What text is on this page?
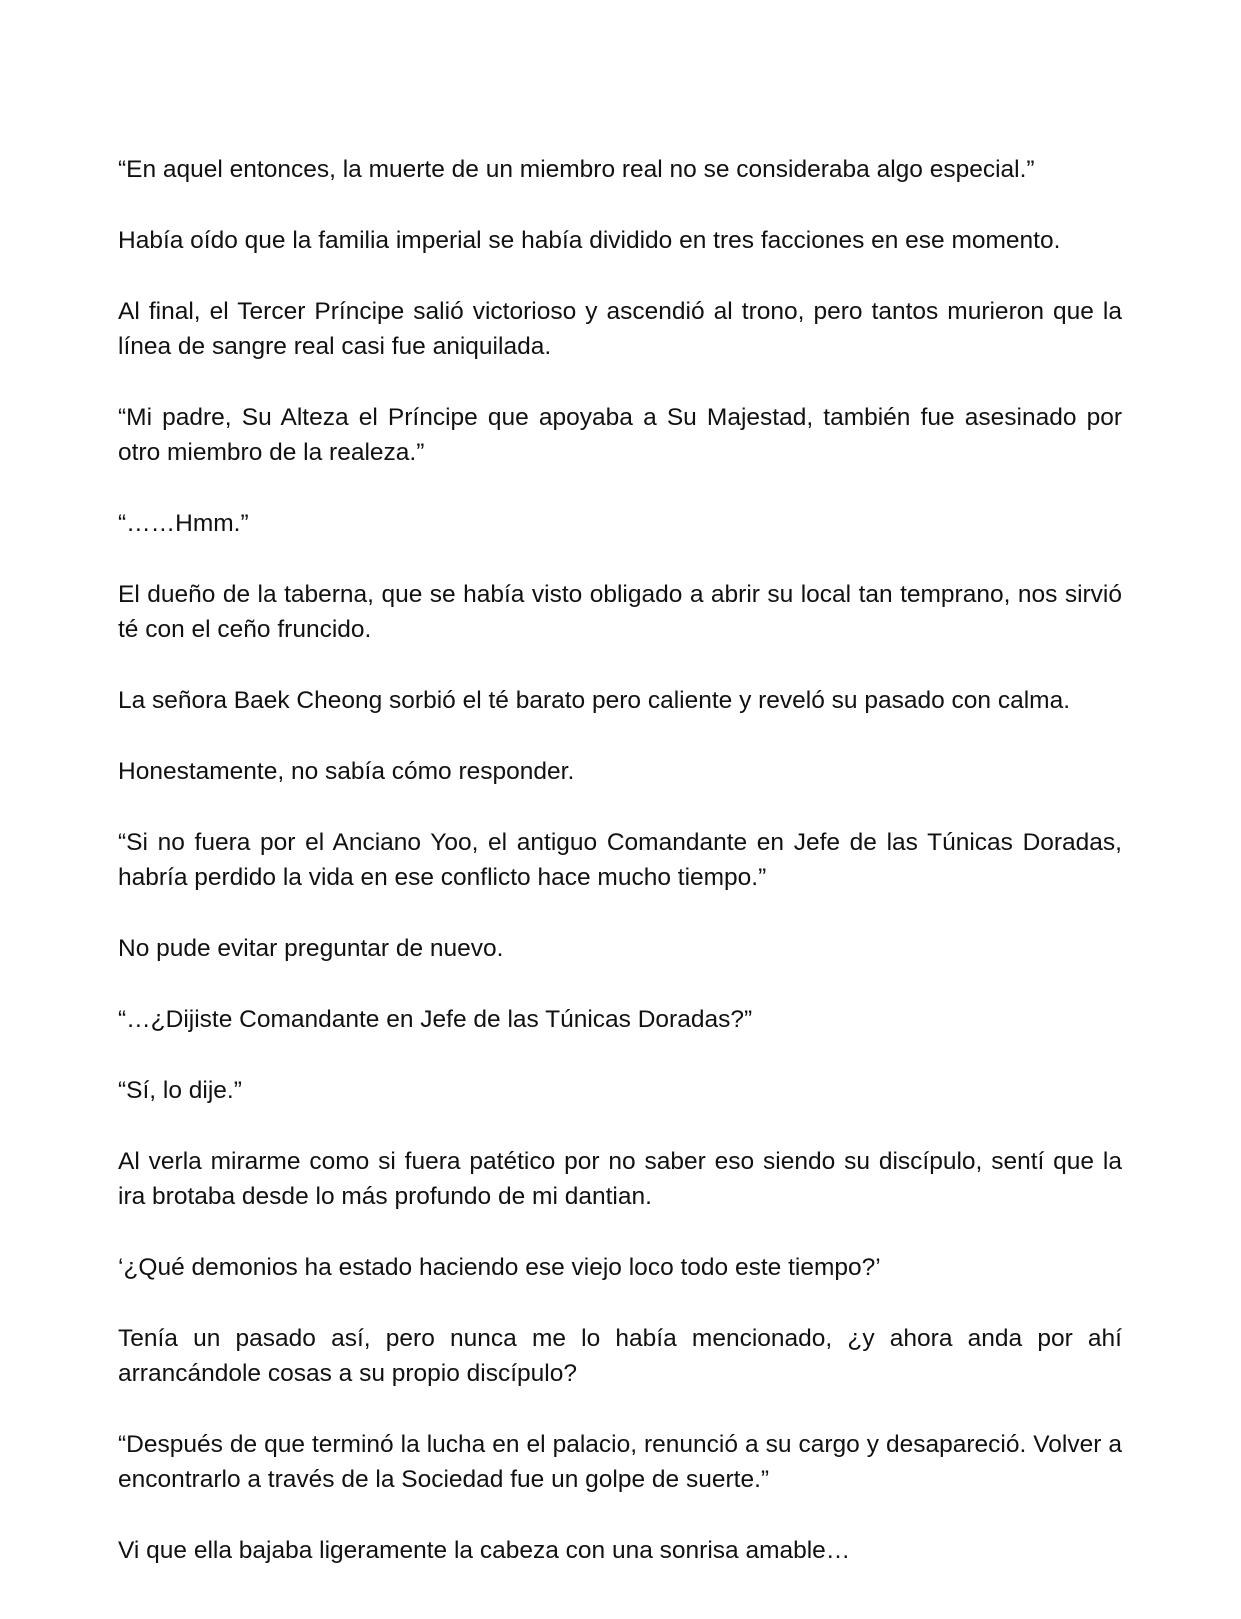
“En aquel entonces, la muerte de un miembro real no se consideraba algo especial.”

Había oído que la familia imperial se había dividido en tres facciones en ese momento.

Al final, el Tercer Príncipe salió victorioso y ascendió al trono, pero tantos murieron que la línea de sangre real casi fue aniquilada.

“Mi padre, Su Alteza el Príncipe que apoyaba a Su Majestad, también fue asesinado por otro miembro de la realeza.”

“……Hmm.”

El dueño de la taberna, que se había visto obligado a abrir su local tan temprano, nos sirvió té con el ceño fruncido.

La señora Baek Cheong sorbió el té barato pero caliente y reveló su pasado con calma.

Honestamente, no sabía cómo responder.

“Si no fuera por el Anciano Yoo, el antiguo Comandante en Jefe de las Túnicas Doradas, habría perdido la vida en ese conflicto hace mucho tiempo.”

No pude evitar preguntar de nuevo.

“…¿Dijiste Comandante en Jefe de las Túnicas Doradas?”

“Sí, lo dije.”

Al verla mirarme como si fuera patético por no saber eso siendo su discípulo, sentí que la ira brotaba desde lo más profundo de mi dantian.

‘¿Qué demonios ha estado haciendo ese viejo loco todo este tiempo?’

Tenía un pasado así, pero nunca me lo había mencionado, ¿y ahora anda por ahí arrancándole cosas a su propio discípulo?

“Después de que terminó la lucha en el palacio, renunció a su cargo y desapareció. Volver a encontrarlo a través de la Sociedad fue un golpe de suerte.”

Vi que ella bajaba ligeramente la cabeza con una sonrisa amable…
